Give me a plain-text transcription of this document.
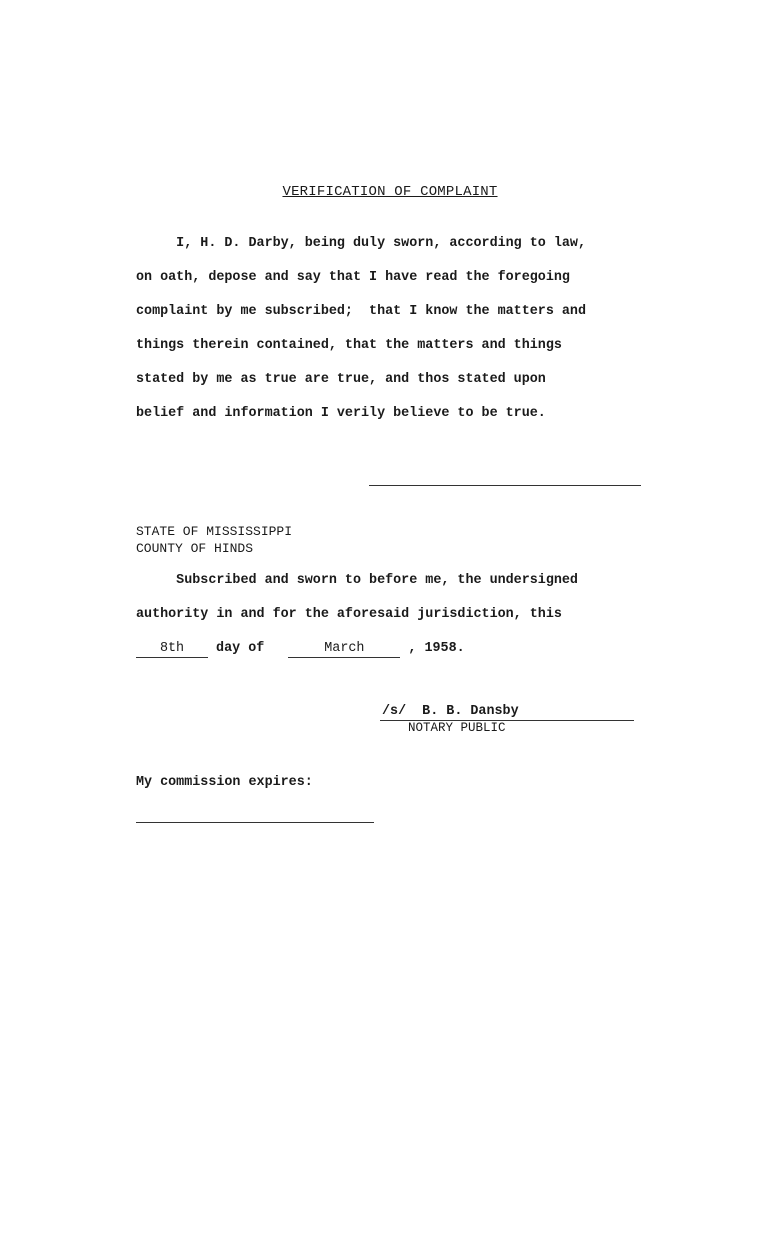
VERIFICATION OF COMPLAINT
I, H. D. Darby, being duly sworn, according to law,
on oath, depose and say that I have read the foregoing
complaint by me subscribed;  that I know the matters and
things therein contained, that the matters and things
stated by me as true are true, and thos stated upon
belief and information I verily believe to be true.
STATE OF MISSISSIPPI
COUNTY OF HINDS
Subscribed and sworn to before me, the undersigned
authority in and for the aforesaid jurisdiction, this
8th day of	March	, 1958.
/s/  B. B. Dansby
NOTARY PUBLIC
My commission expires:
